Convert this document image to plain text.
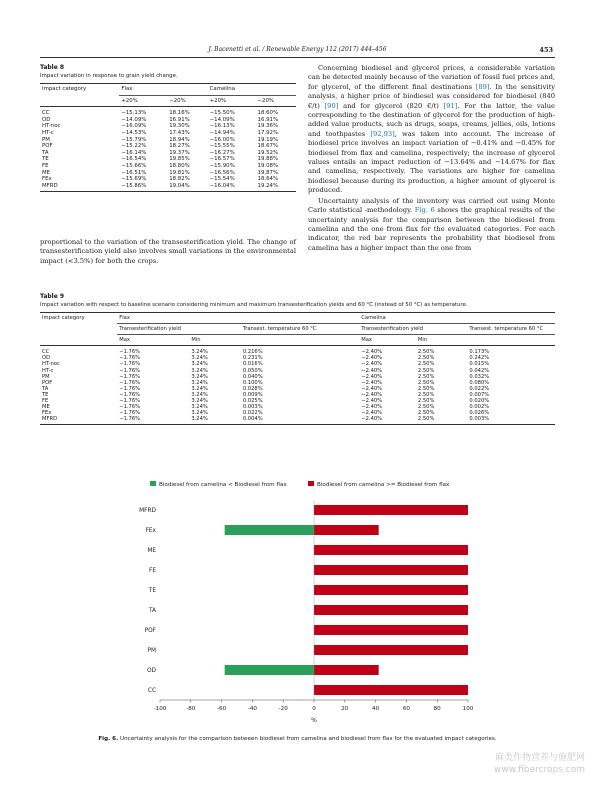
J. Bacenetti et al. / Renewable Energy 112 (2017) 444–456	453
Table 8
Impact variation in response to grain yield change.
Impact category	Flax		Camelina	
	+20%	−20%	+20%	−20%
CC	−15.13%	18.16%	−15.50%	18.60%
OD	−14.09%	16.91%	−14.09%	16.91%
HT-noc	−16.09%	19.30%	−16.13%	19.36%
HT-c	−14.53%	17.43%	−14.94%	17.92%
PM	−15.79%	18.94%	−16.00%	19.19%
POF	−15.22%	18.27%	−15.55%	18.67%
TA	−16.14%	19.37%	−16.27%	19.52%
TE	−16.54%	19.85%	−16.57%	19.88%
FE	−15.66%	18.80%	−15.90%	19.08%
ME	−16.51%	19.81%	−16.56%	19.87%
FEx	−15.69%	18.82%	−15.54%	18.64%
MFRD	−15.86%	19.04%	−16.04%	19.24%
proportional to the variation of the transesterification yield. The change of transesterification yield also involves small variations in the environmental impact (<3.5%) for both the crops.

Concerning biodiesel and glycerol prices, a considerable variation can be detected mainly because of the variation of fossil fuel prices and, for glycerol, of the different final destinations [89]. In the sensitivity analysis, a higher price of biodiesel was considered for biodiesel (840 €/t) [90] and for glycerol (820 €/t) [91]. For the latter, the value corresponding to the destination of glycerol for the production of high-added value products, such as drugs, soaps, creams, jellies, oils, lotions and toothpastes [92,93], was taken into account. The increase of biodiesel price involves an impact variation of −0.41% and −0.45% for biodiesel from flax and camelina, respectively; the increase of glycerol values entails an impact reduction of −13.64% and −14.67% for flax and camelina, respectively. The variations are higher for camelina biodiesel because during its production, a higher amount of glycerol is produced.

Uncertainty analysis of the inventory was carried out using Monte Carlo statistical -methodology. Fig. 6 shows the graphical results of the uncertainty analysis for the comparison between the biodiesel from camelina and the one from flax for the evaluated categories. For each indicator, the red bar represents the probability that biodiesel from camelina has a higher impact than the one from

Table 9
Impact variation with respect to baseline scenario considering minimum and maximum transesterification yields and 60 °C (instead of 50 °C) as temperature.
Impact category	Flax			Camelina		
	Transesterification yield		Transest. temperature 60 °C	Transesterification yield		Transest. temperature 60 °C
	Max	Min		Max	Min	
CC	−1.76%	3.24%	0.216%	−2.40%	2.50%	0.173%
OD	−1.76%	3.24%	0.231%	−2.40%	2.50%	0.242%
HT-noc	−1.76%	3.24%	0.016%	−2.40%	2.50%	0.015%
HT-c	−1.76%	3.24%	0.050%	−2.40%	2.50%	0.042%
PM	−1.76%	3.24%	0.040%	−2.40%	2.50%	0.032%
POF	−1.76%	3.24%	0.100%	−2.40%	2.50%	0.080%
TA	−1.76%	3.24%	0.028%	−2.40%	2.50%	0.022%
TE	−1.76%	3.24%	0.009%	−2.40%	2.50%	0.007%
FE	−1.76%	3.24%	0.025%	−2.40%	2.50%	0.020%
ME	−1.76%	3.24%	0.003%	−2.40%	2.50%	0.002%
FEx	−1.76%	3.24%	0.022%	−2.40%	2.50%	0.026%
MFRD	−1.76%	3.24%	0.004%	−2.40%	2.50%	0.003%
Biodiesel from camelina < Biodiesel from flax	Biodiesel from camelina >= Biodiesel from flax
MFRD
FEx
ME
FE
TE
TA
POF
PM
OD
CC
-100	-80	-60	-40	-20	0	20	40	60	80	100
%
Fig. 6. Uncertainty analysis for the comparison between biodiesel from camelina and biodiesel from flax for the evaluated impact categories.
麻类作物营养与施肥网
www.fibercrops.com
